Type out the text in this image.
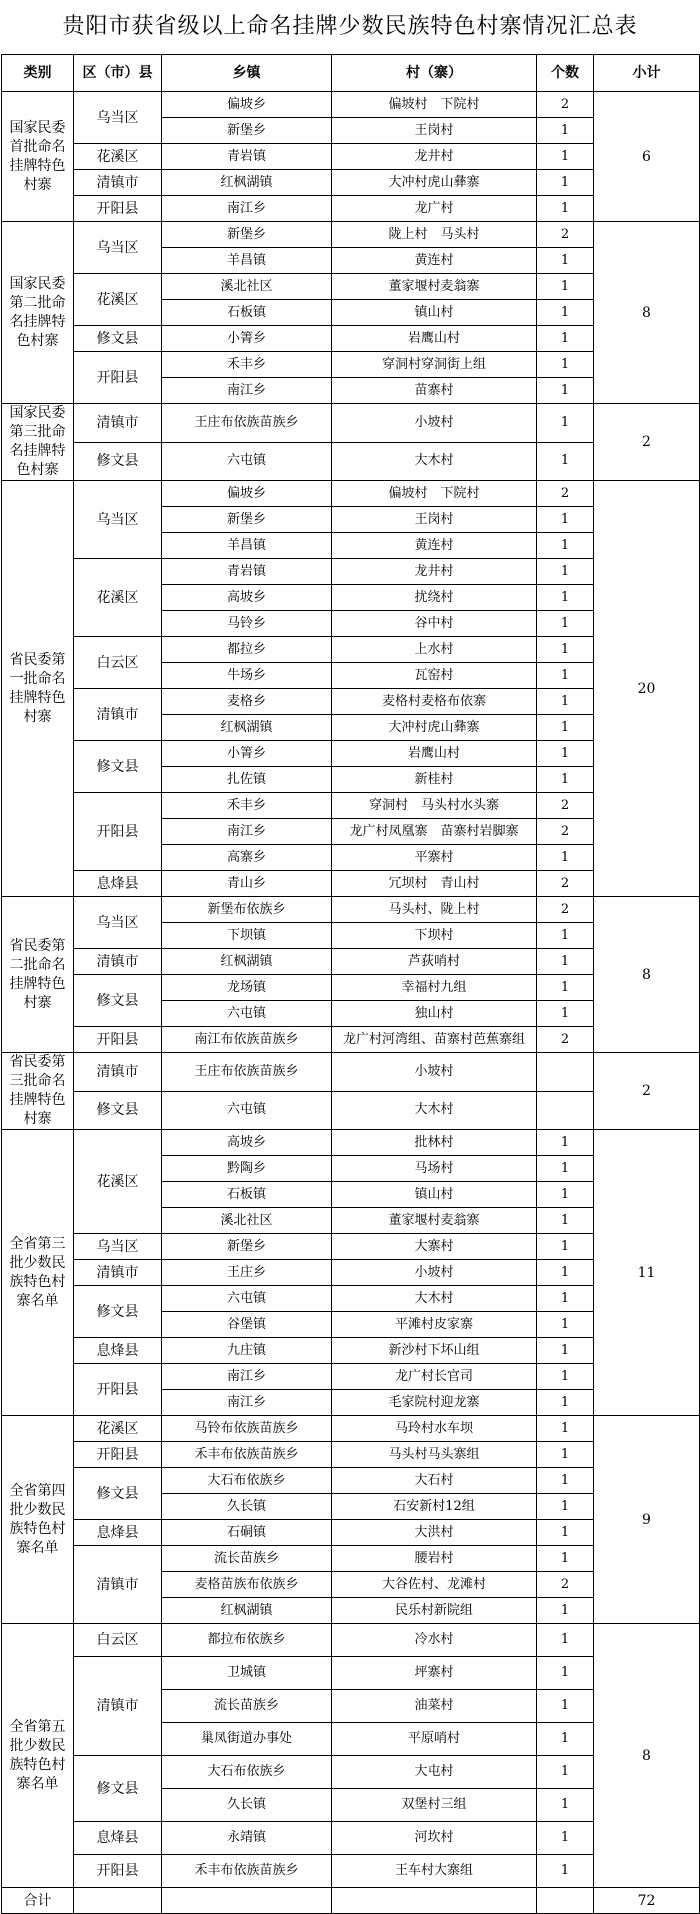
贵阳市获省级以上命名挂牌少数民族特色村寨情况汇总表
类别	区（市）县	乡镇	村（寨）	个数	小计
国家民委首批命名挂牌特色村寨	乌当区	偏坡乡	偏坡村　下院村	2	6
		新堡乡	王岗村	1	
	花溪区	青岩镇	龙井村	1	
	清镇市	红枫湖镇	大冲村虎山彝寨	1	
	开阳县	南江乡	龙广村	1	
国家民委第二批命名挂牌特色村寨	乌当区	新堡乡	陇上村　马头村	2	8
		羊昌镇	黄连村	1	
	花溪区	溪北社区	董家堰村麦翁寨	1	
		石板镇	镇山村	1	
	修文县	小箐乡	岩鹰山村	1	
	开阳县	禾丰乡	穿洞村穿洞街上组	1	
		南江乡	苗寨村	1	
国家民委第三批命名挂牌特色村寨	清镇市	王庄布依族苗族乡	小坡村	1	2
	修文县	六屯镇	大木村	1	
省民委第一批命名挂牌特色村寨	乌当区	偏坡乡	偏坡村　下院村	2	20
		新堡乡	王岗村	1	
		羊昌镇	黄连村	1	
	花溪区	青岩镇	龙井村	1	
		高坡乡	扰绕村	1	
		马铃乡	谷中村	1	
	白云区	都拉乡	上水村	1	
		牛场乡	瓦窑村	1	
	清镇市	麦格乡	麦格村麦格布依寨	1	
		红枫湖镇	大冲村虎山彝寨	1	
	修文县	小箐乡	岩鹰山村	1	
		扎佐镇	新桂村	1	
	开阳县	禾丰乡	穿洞村　马头村水头寨	2	
		南江乡	龙广村凤凰寨　苗寨村岩脚寨	2	
		高寨乡	平寨村	1	
	息烽县	青山乡	冗坝村　青山村	2	
省民委第二批命名挂牌特色村寨	乌当区	新堡布依族乡	马头村、陇上村	2	8
		下坝镇	下坝村	1	
	清镇市	红枫湖镇	芦荻哨村	1	
	修文县	龙场镇	幸福村九组	1	
		六屯镇	独山村	1	
	开阳县	南江布依族苗族乡	龙广村河湾组、苗寨村芭蕉寨组	2	
省民委第三批命名挂牌特色村寨	清镇市	王庄布依族苗族乡	小坡村		2
	修文县	六屯镇	大木村		
全省第三批少数民族特色村寨名单	花溪区	高坡乡	批林村	1	11
		黔陶乡	马场村	1	
		石板镇	镇山村	1	
		溪北社区	董家堰村麦翁寨	1	
	乌当区	新堡乡	大寨村	1	
	清镇市	王庄乡	小坡村	1	
	修文县	六屯镇	大木村	1	
		谷堡镇	平滩村皮家寨	1	
	息烽县	九庄镇	新沙村下坏山组	1	
	开阳县	南江乡	龙广村长官司	1	
		南江乡	毛家院村迎龙寨	1	
全省第四批少数民族特色村寨名单	花溪区	马铃布依族苗族乡	马玲村水车坝	1	9
	开阳县	禾丰布依族苗族乡	马头村马头寨组	1	
	修文县	大石布依族乡	大石村	1	
		久长镇	石安新村12组	1	
	息烽县	石硐镇	大洪村	1	
	清镇市	流长苗族乡	腰岩村	1	
		麦格苗族布依族乡	大谷佐村、龙滩村	2	
		红枫湖镇	民乐村新院组	1	
全省第五批少数民族特色村寨名单	白云区	都拉布依族乡	冷水村	1	8
	清镇市	卫城镇	坪寨村	1	
		流长苗族乡	油菜村	1	
		巢凤街道办事处	平原哨村	1	
	修文县	大石布依族乡	大屯村	1	
		久长镇	双堡村三组	1	
	息烽县	永靖镇	河坎村	1	
	开阳县	禾丰布依族苗族乡	王车村大寨组	1	
合计					72
